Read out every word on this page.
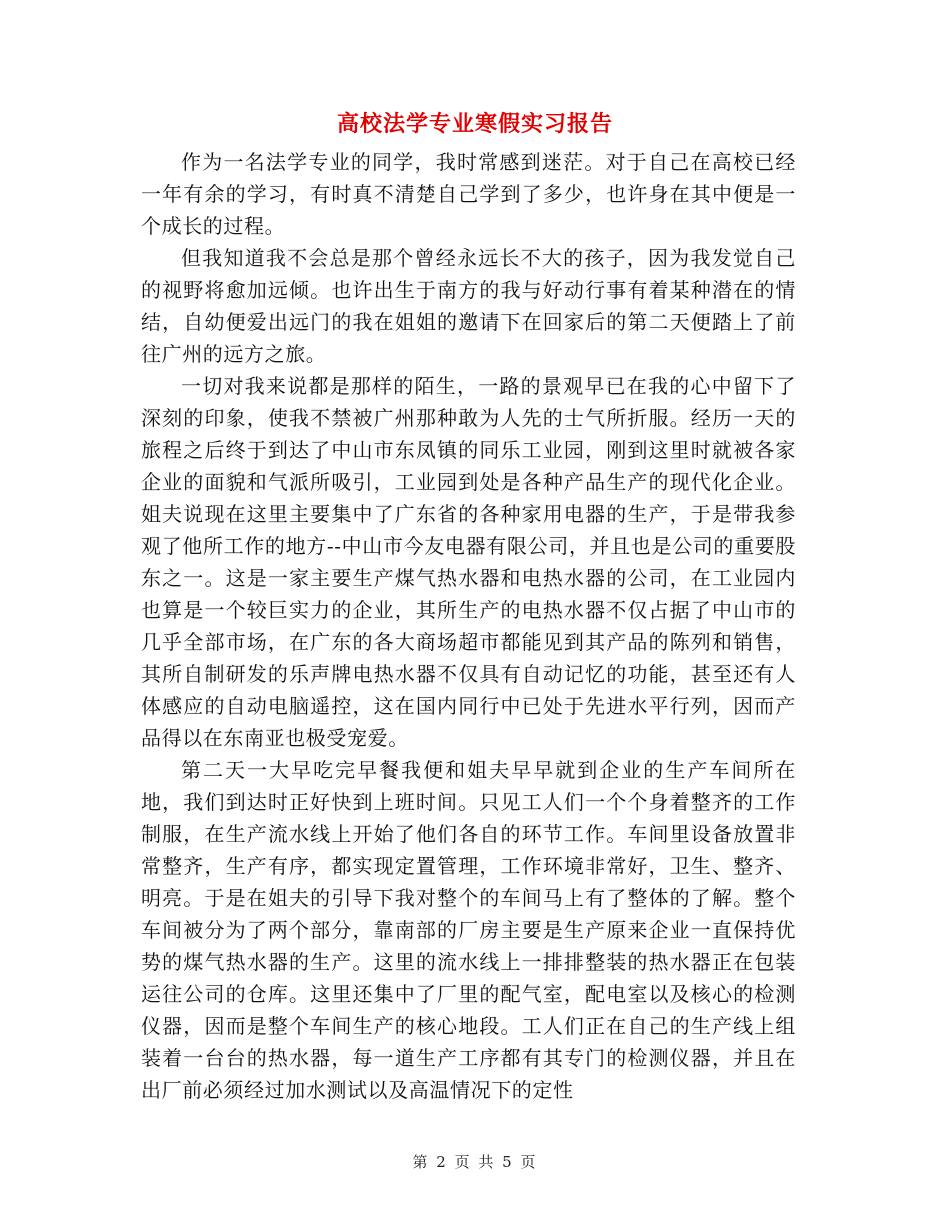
高校法学专业寒假实习报告

作为一名法学专业的同学，我时常感到迷茫。对于自己在高校已经一年有余的学习，有时真不清楚自己学到了多少，也许身在其中便是一个成长的过程。

但我知道我不会总是那个曾经永远长不大的孩子，因为我发觉自己的视野将愈加远倾。也许出生于南方的我与好动行事有着某种潜在的情结，自幼便爱出远门的我在姐姐的邀请下在回家后的第二天便踏上了前往广州的远方之旅。

一切对我来说都是那样的陌生，一路的景观早已在我的心中留下了深刻的印象，使我不禁被广州那种敢为人先的士气所折服。经历一天的旅程之后终于到达了中山市东凤镇的同乐工业园，刚到这里时就被各家企业的面貌和气派所吸引，工业园到处是各种产品生产的现代化企业。姐夫说现在这里主要集中了广东省的各种家用电器的生产，于是带我参观了他所工作的地方--中山市今友电器有限公司，并且也是公司的重要股东之一。这是一家主要生产煤气热水器和电热水器的公司，在工业园内也算是一个较巨实力的企业，其所生产的电热水器不仅占据了中山市的几乎全部市场，在广东的各大商场超市都能见到其产品的陈列和销售，其所自制研发的乐声牌电热水器不仅具有自动记忆的功能，甚至还有人体感应的自动电脑遥控，这在国内同行中已处于先进水平行列，因而产品得以在东南亚也极受宠爱。

第二天一大早吃完早餐我便和姐夫早早就到企业的生产车间所在地，我们到达时正好快到上班时间。只见工人们一个个身着整齐的工作制服，在生产流水线上开始了他们各自的环节工作。车间里设备放置非常整齐，生产有序，都实现定置管理，工作环境非常好，卫生、整齐、明亮。于是在姐夫的引导下我对整个的车间马上有了整体的了解。整个车间被分为了两个部分，靠南部的厂房主要是生产原来企业一直保持优势的煤气热水器的生产。这里的流水线上一排排整装的热水器正在包装运往公司的仓库。这里还集中了厂里的配气室，配电室以及核心的检测仪器，因而是整个车间生产的核心地段。工人们正在自己的生产线上组装着一台台的热水器，每一道生产工序都有其专门的检测仪器，并且在出厂前必须经过加水测试以及高温情况下的定性

第 2 页 共 5 页
